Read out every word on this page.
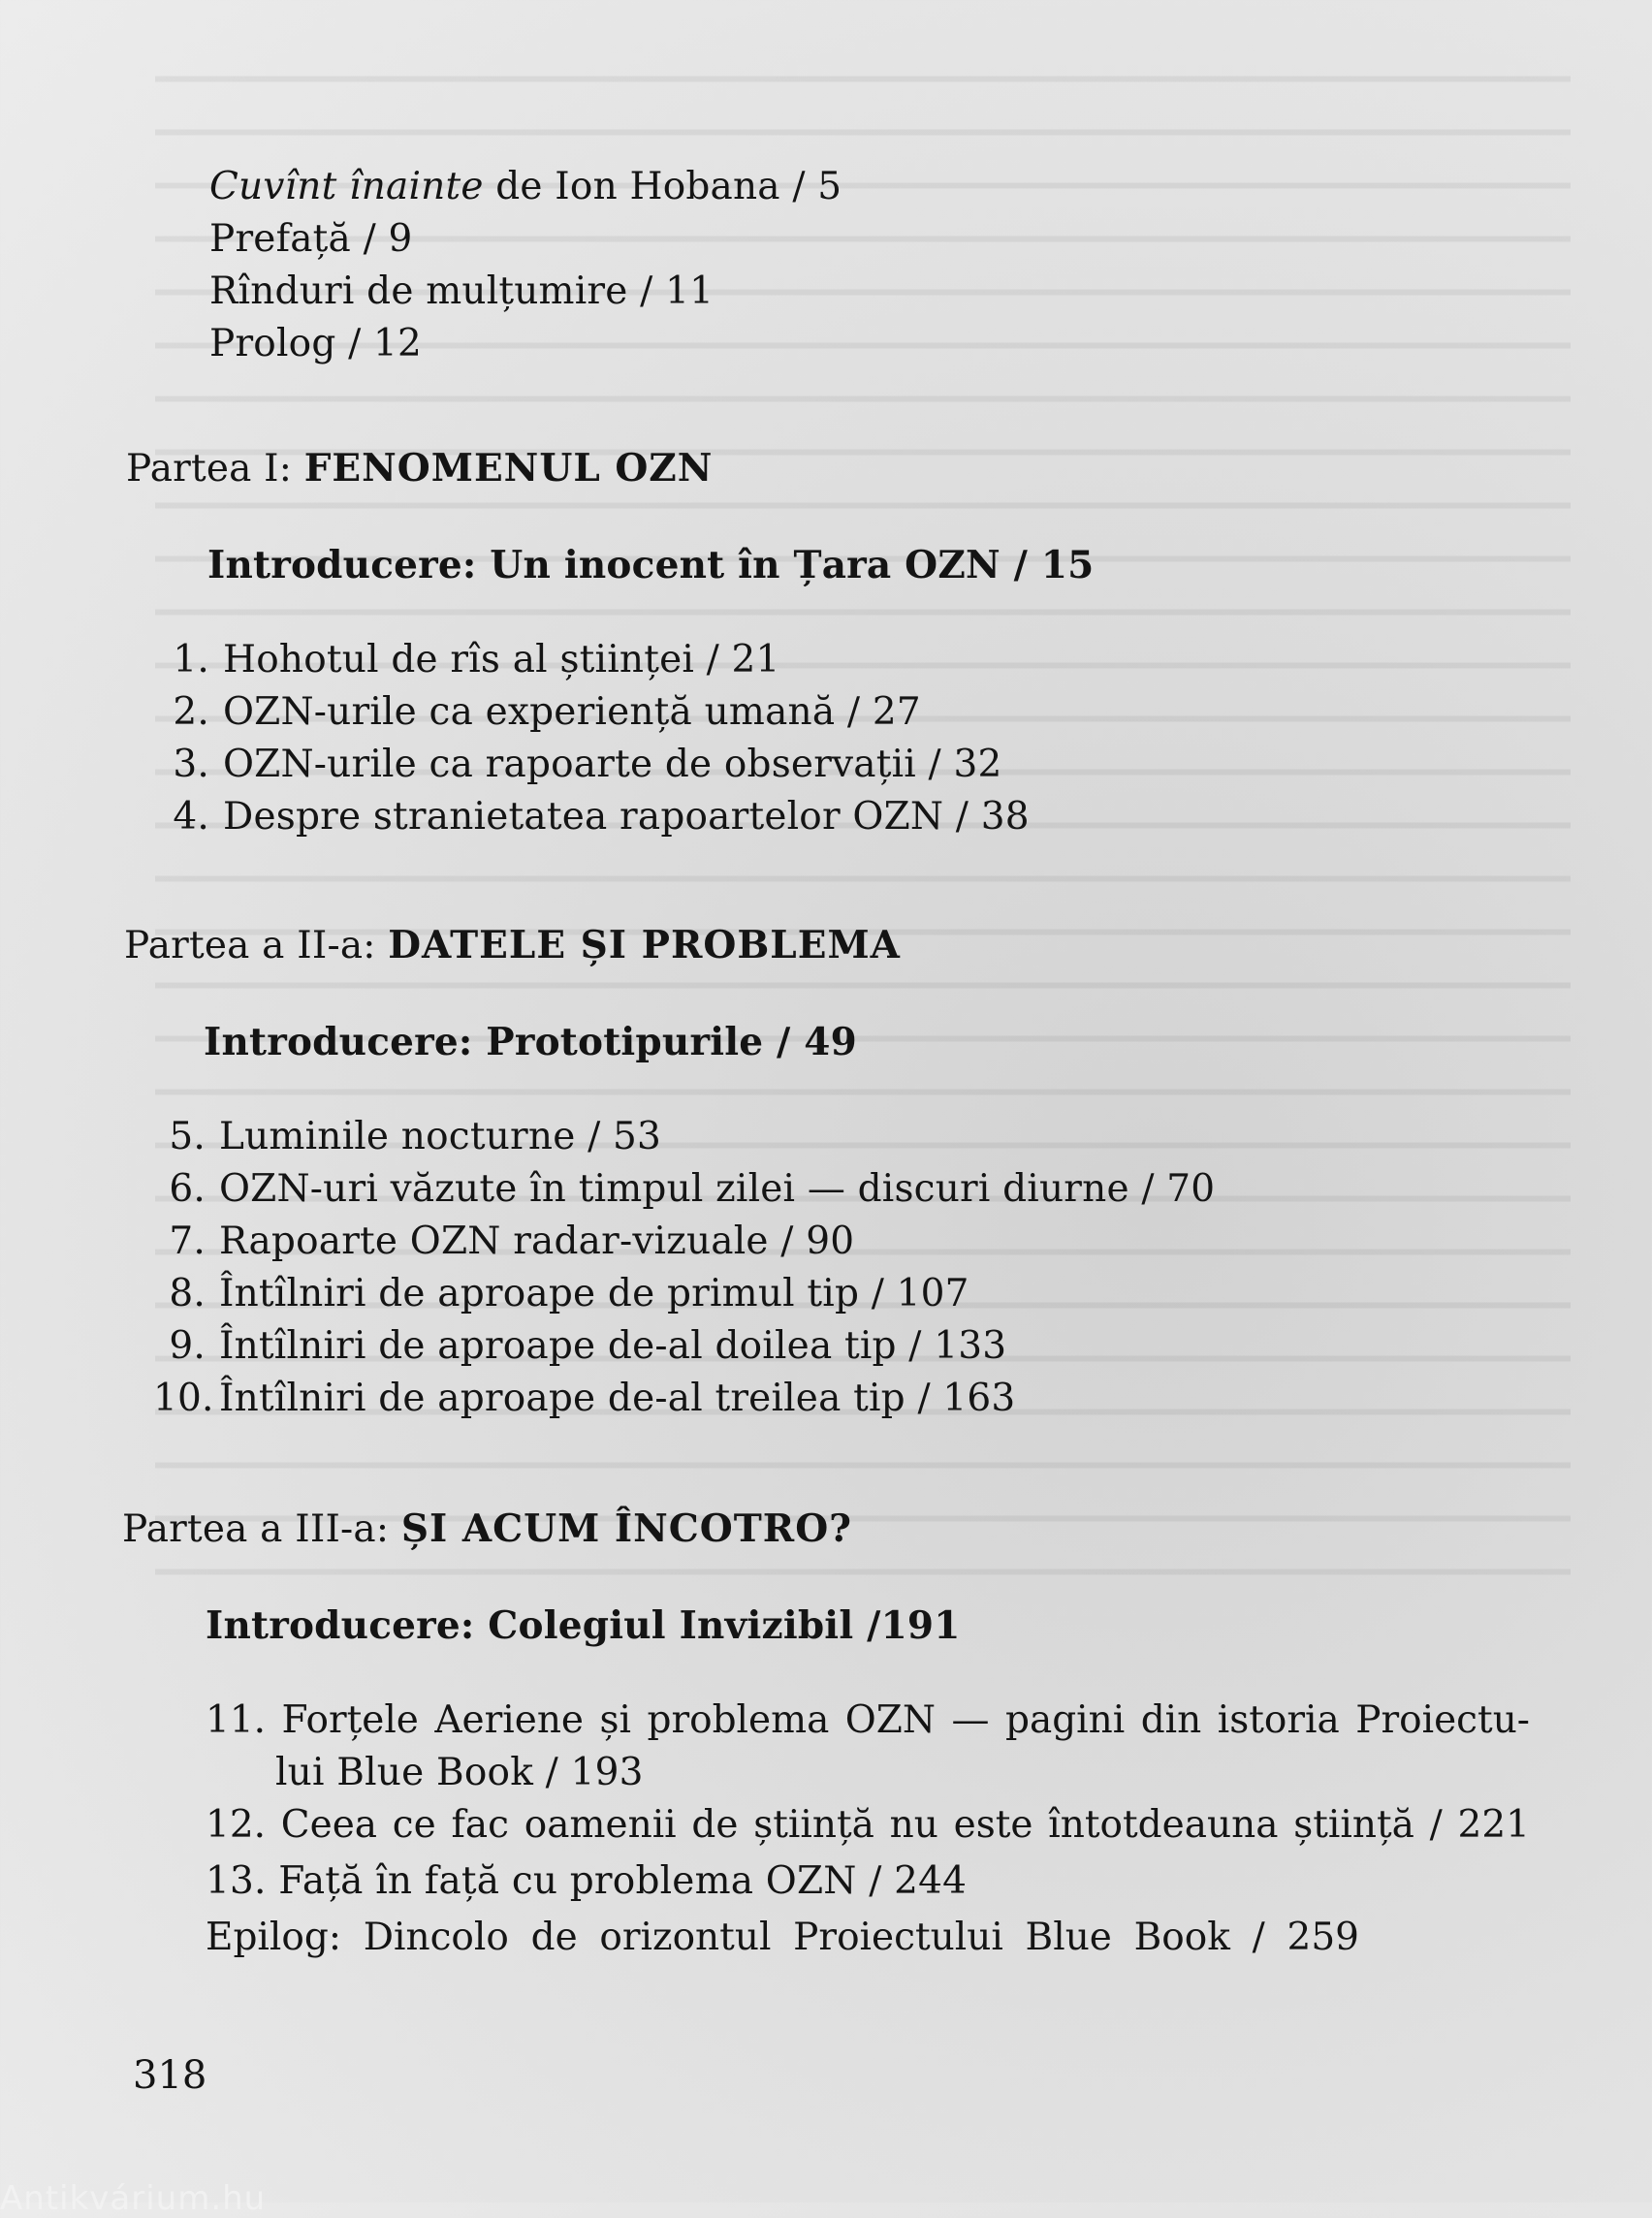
Cuvînt înainte de Ion Hobana / 5
Prefață / 9
Rînduri de mulțumire / 11
Prolog / 12
Partea I: FENOMENUL OZN
Introducere: Un inocent în Țara OZN / 15
1. Hohotul de rîs al științei / 21
2. OZN-urile ca experiență umană / 27
3. OZN-urile ca rapoarte de observații / 32
4. Despre stranietatea rapoartelor OZN / 38
Partea a II-a: DATELE ȘI PROBLEMA
Introducere: Prototipurile / 49
5. Luminile nocturne / 53
6. OZN-uri văzute în timpul zilei — discuri diurne / 70
7. Rapoarte OZN radar-vizuale / 90
8. Întîlniri de aproape de primul tip / 107
9. Întîlniri de aproape de-al doilea tip / 133
10. Întîlniri de aproape de-al treilea tip / 163
Partea a III-a: ȘI ACUM ÎNCOTRO?
Introducere: Colegiul Invizibil /191
11. Forțele Aeriene și problema OZN — pagini din istoria Proiectu-
lui Blue Book / 193
12. Ceea ce fac oamenii de știință nu este întotdeauna știință / 221
13. Față în față cu problema OZN / 244
Epilog: Dincolo de orizontul Proiectului Blue Book / 259
318
Antikvárium.hu
